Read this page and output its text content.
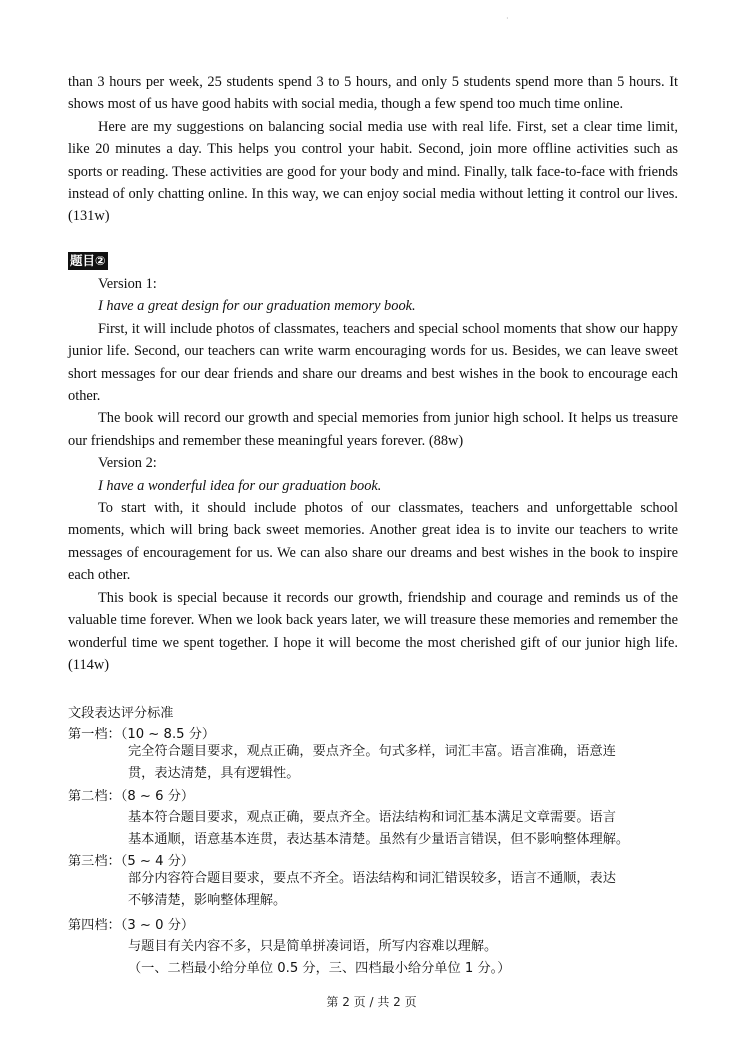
·

than 3 hours per week, 25 students spend 3 to 5 hours, and only 5 students spend more than 5 hours. It shows most of us have good habits with social media, though a few spend too much time online.

Here are my suggestions on balancing social media use with real life. First, set a clear time limit, like 20 minutes a day. This helps you control your habit. Second, join more offline activities such as sports or reading. These activities are good for your body and mind. Finally, talk face-to-face with friends instead of only chatting online. In this way, we can enjoy social media without letting it control our lives. (131w)

题目②

Version 1:

I have a great design for our graduation memory book.

First, it will include photos of classmates, teachers and special school moments that show our happy junior life. Second, our teachers can write warm encouraging words for us. Besides, we can leave sweet short messages for our dear friends and share our dreams and best wishes in the book to encourage each other.

The book will record our growth and special memories from junior high school. It helps us treasure our friendships and remember these meaningful years forever. (88w)

Version 2:

I have a wonderful idea for our graduation book.

To start with, it should include photos of our classmates, teachers and unforgettable school moments, which will bring back sweet memories. Another great idea is to invite our teachers to write messages of encouragement for us. We can also share our dreams and best wishes in the book to inspire each other.

This book is special because it records our growth, friendship and courage and reminds us of the valuable time forever. When we look back years later, we will treasure these memories and remember the wonderful time we spent together. I hope it will become the most cherished gift of our junior high life.　(114w)

文段表达评分标准
第一档：（10 ~ 8.5 分）
完全符合题目要求，观点正确，要点齐全。句式多样，词汇丰富。语言准确，语意连
贯，表达清楚，具有逻辑性。
第二档：（8 ~ 6 分）
基本符合题目要求，观点正确，要点齐全。语法结构和词汇基本满足文章需要。语言
基本通顺，语意基本连贯，表达基本清楚。虽然有少量语言错误，但不影响整体理解。
第三档：（5 ~ 4 分）
部分内容符合题目要求，要点不齐全。语法结构和词汇错误较多，语言不通顺，表达
不够清楚，影响整体理解。
第四档：（3 ~ 0 分）
与题目有关内容不多，只是简单拼凑词语，所写内容难以理解。
（一、二档最小给分单位 0.5 分，三、四档最小给分单位 1 分。）
第 2 页 / 共 2 页
